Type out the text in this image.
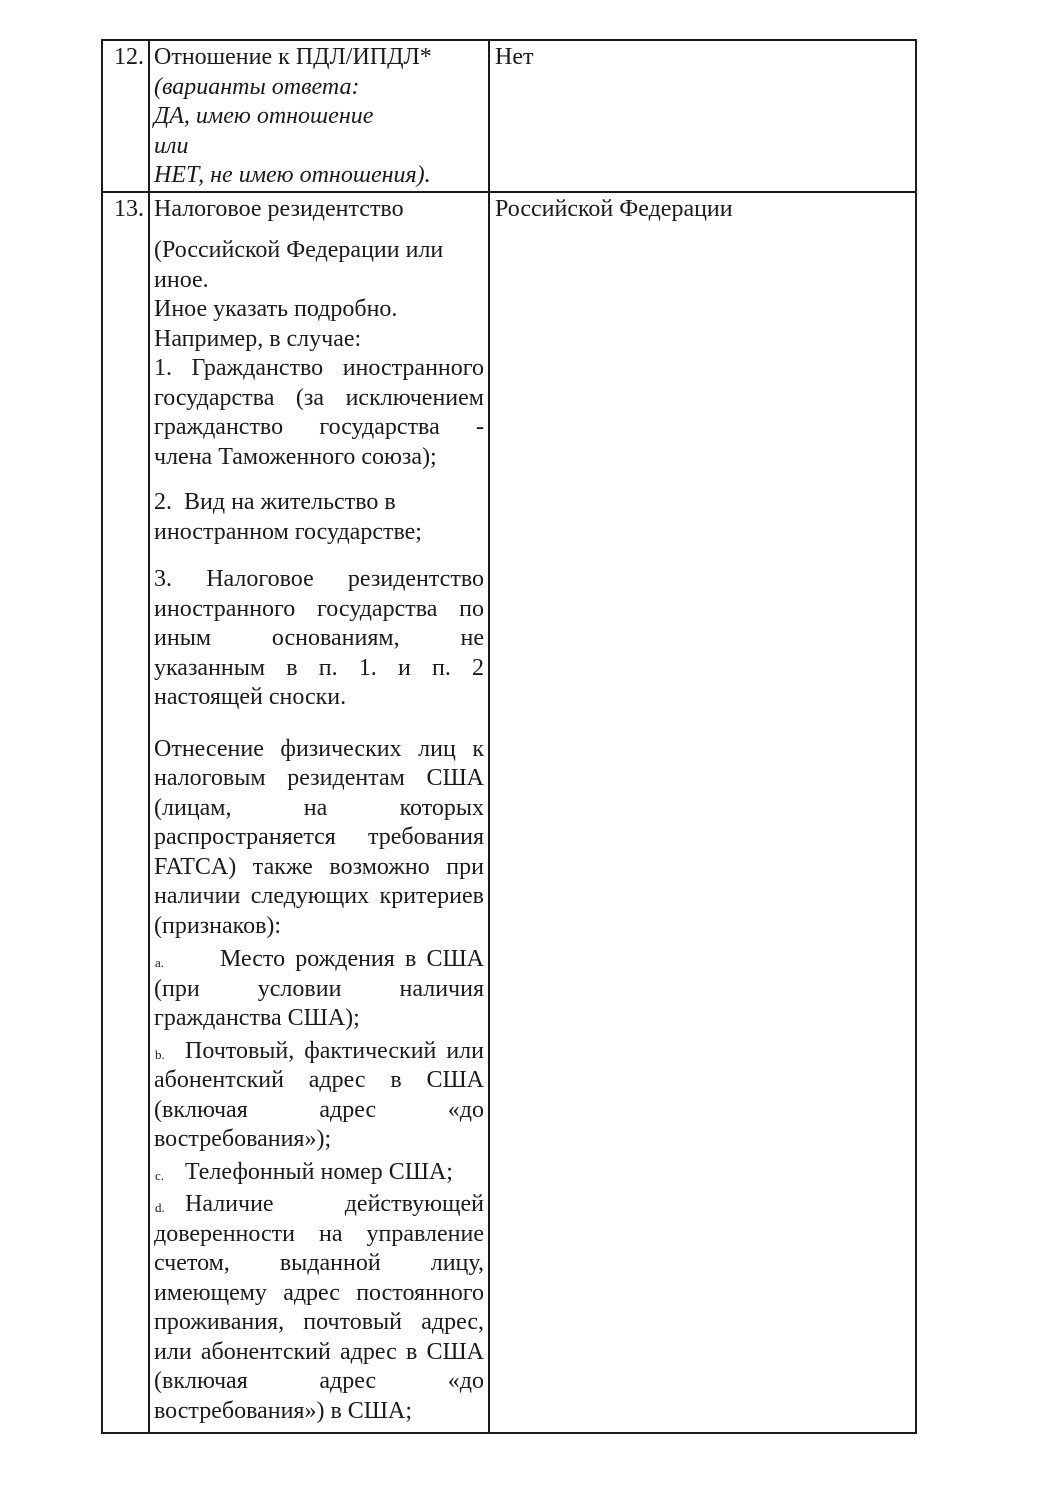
12. Отношение к ПДЛ/ИПДЛ*
(варианты ответа:
ДА, имею отношение
или
НЕТ, не имею отношения).
Нет
13. Налоговое резидентство
(Российской Федерации или иное.
Иное указать подробно.
Например, в случае:
1. Гражданство иностранного государства (за исключением гражданство государства - члена Таможенного союза);
2.  Вид на жительство в иностранном государстве;
3. Налоговое резидентство иностранного государства по иным основаниям, не указанным в п. 1. и п. 2 настоящей сноски.
Отнесение физических лиц к налоговым резидентам США (лицам, на которых распространяется требования FATCA) также возможно при наличии следующих критериев (признаков):
a. Место рождения в США (при условии наличия гражданства США);
b. Почтовый, фактический или абонентский адрес в США (включая адрес «до востребования»);
c. Телефонный номер США;
d. Наличие действующей доверенности на управление счетом, выданной лицу, имеющему адрес постоянного проживания, почтовый адрес, или абонентский адрес в США (включая адрес «до востребования») в США;
Российской Федерации
